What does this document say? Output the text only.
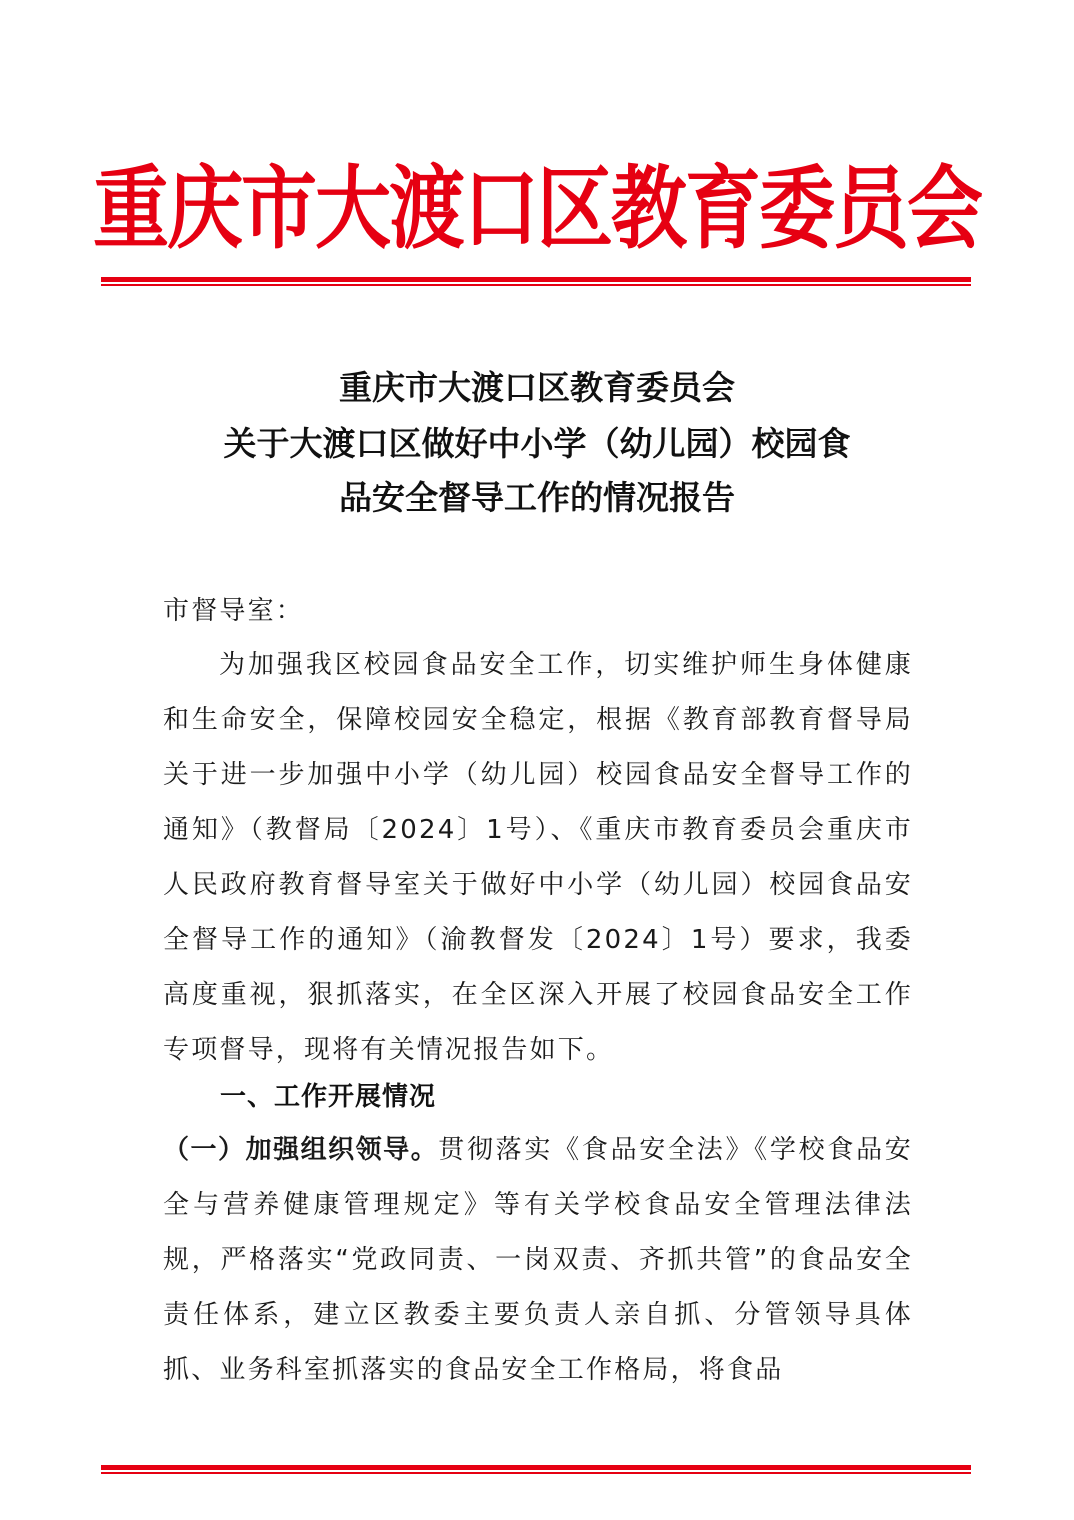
重庆市大渡口区教育委员会
重庆市大渡口区教育委员会
关于大渡口区做好中小学（幼儿园）校园食
品安全督导工作的情况报告
市督导室：
为加强我区校园食品安全工作，切实维护师生身体健康和生命安全，保障校园安全稳定，根据《教育部教育督导局关于进一步加强中小学（幼儿园）校园食品安全督导工作的通知》（教督局〔2024〕1号）、《重庆市教育委员会重庆市人民政府教育督导室关于做好中小学（幼儿园）校园食品安全督导工作的通知》（渝教督发〔2024〕1号）要求，我委高度重视，狠抓落实，在全区深入开展了校园食品安全工作专项督导，现将有关情况报告如下。
一、工作开展情况
（一）加强组织领导。贯彻落实《食品安全法》《学校食品安全与营养健康管理规定》等有关学校食品安全管理法律法规，严格落实“党政同责、一岗双责、齐抓共管”的食品安全责任体系，建立区教委主要负责人亲自抓、分管领导具体抓、业务科室抓落实的食品安全工作格局，将食品
